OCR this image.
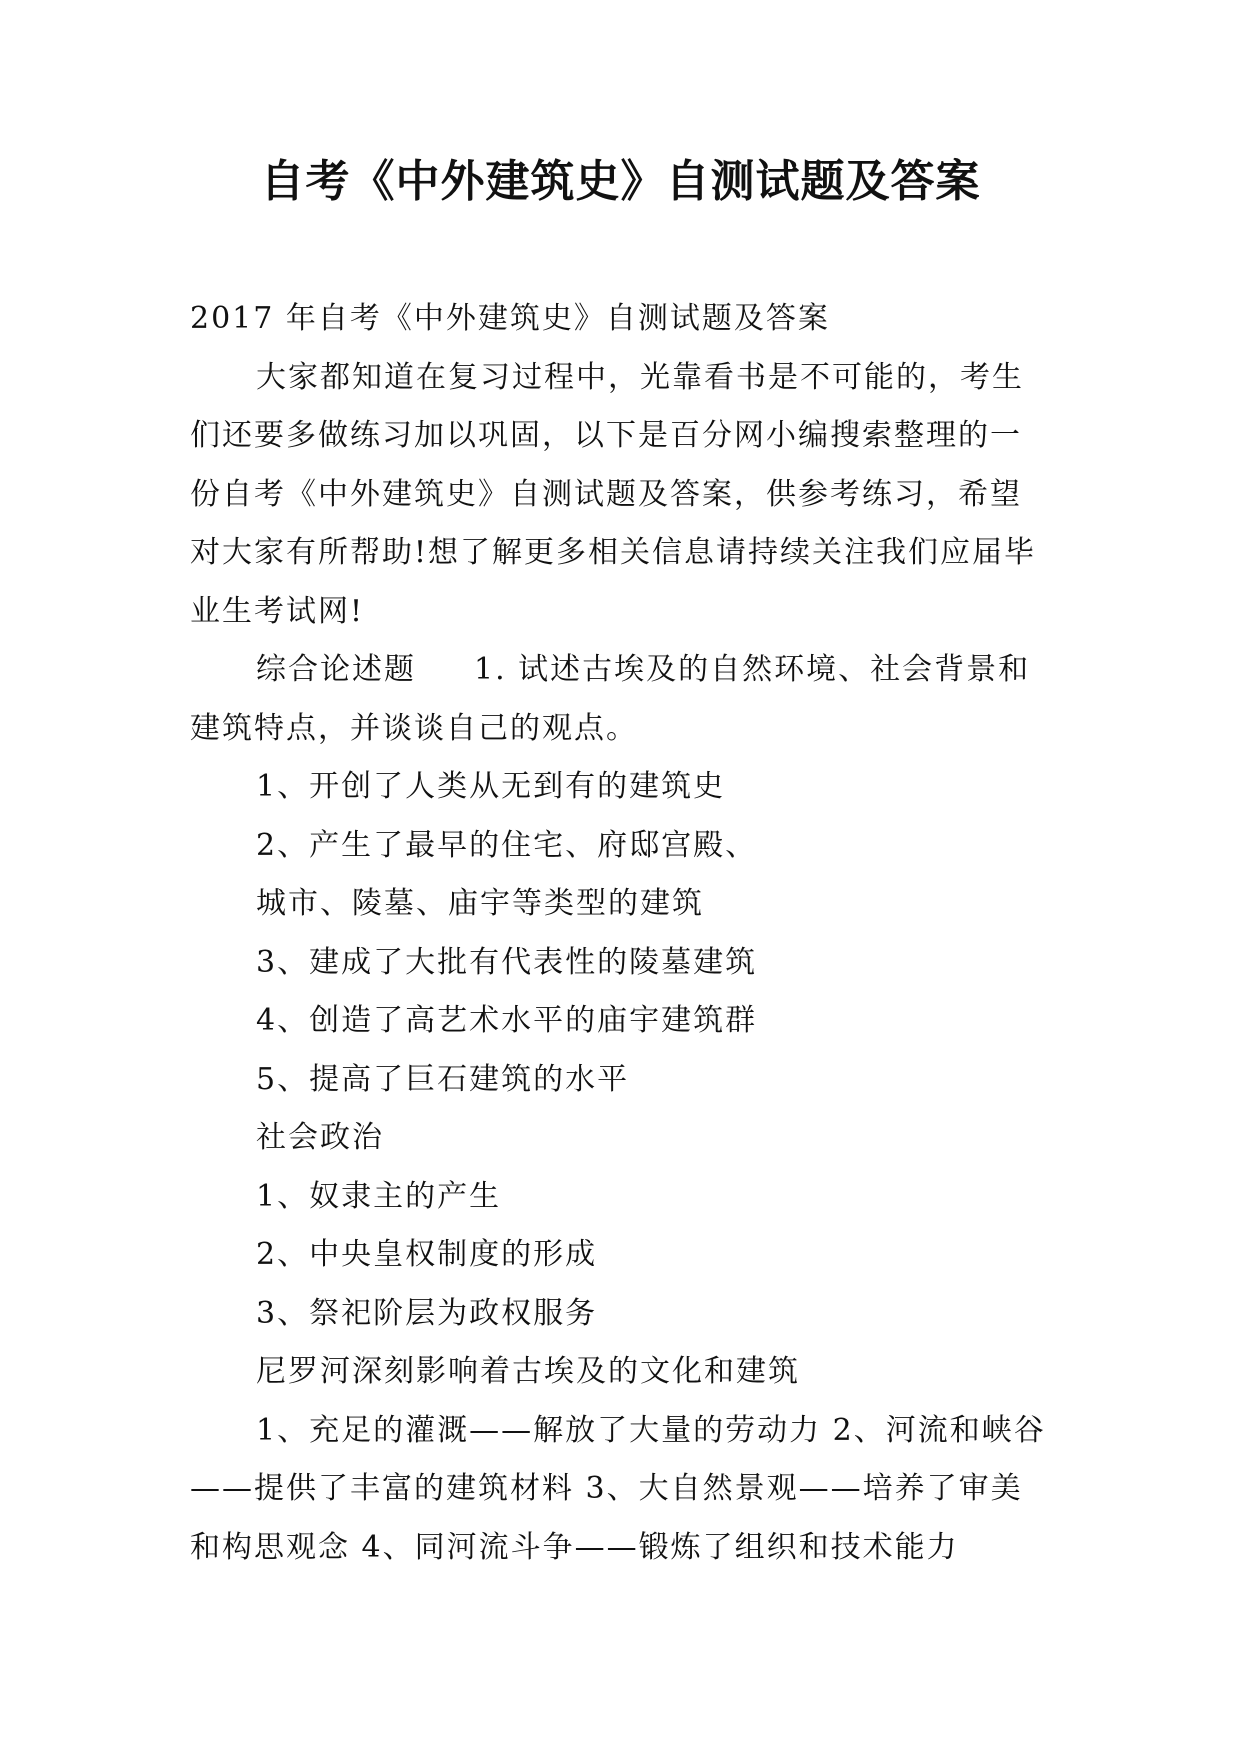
自考《中外建筑史》自测试题及答案

2017 年自考《中外建筑史》自测试题及答案

大家都知道在复习过程中，光靠看书是不可能的，考生们还要多做练习加以巩固，以下是百分网小编搜索整理的一份自考《中外建筑史》自测试题及答案，供参考练习，希望对大家有所帮助!想了解更多相关信息请持续关注我们应届毕业生考试网!

综合论述题 1. 试述古埃及的自然环境、社会背景和建筑特点，并谈谈自己的观点。

1、开创了人类从无到有的建筑史

2、产生了最早的住宅、府邸宫殿、

城市、陵墓、庙宇等类型的建筑

3、建成了大批有代表性的陵墓建筑

4、创造了高艺术水平的庙宇建筑群

5、提高了巨石建筑的水平

社会政治

1、奴隶主的产生

2、中央皇权制度的形成

3、祭祀阶层为政权服务

尼罗河深刻影响着古埃及的文化和建筑

1、充足的灌溉——解放了大量的劳动力 2、河流和峡谷——提供了丰富的建筑材料 3、大自然景观——培养了审美和构思观念 4、同河流斗争——锻炼了组织和技术能力
